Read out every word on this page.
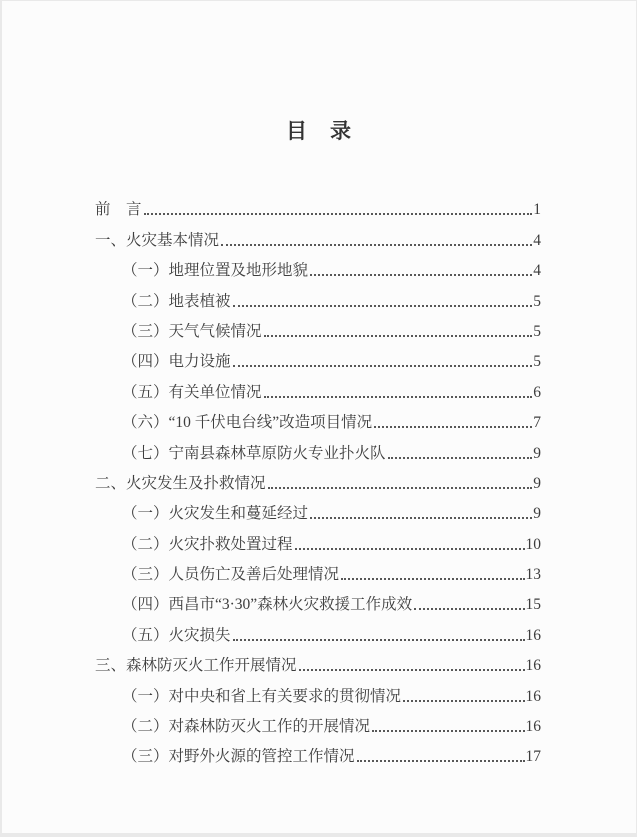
目　录
前　言	1
一、火灾基本情况	4
（一）地理位置及地形地貌	4
（二）地表植被	5
（三）天气气候情况	5
（四）电力设施	5
（五）有关单位情况	6
（六）“10 千伏电台线”改造项目情况	7
（七）宁南县森林草原防火专业扑火队	9
二、火灾发生及扑救情况	9
（一）火灾发生和蔓延经过	9
（二）火灾扑救处置过程	10
（三）人员伤亡及善后处理情况	13
（四）西昌市“3·30”森林火灾救援工作成效	15
（五）火灾损失	16
三、森林防灭火工作开展情况	16
（一）对中央和省上有关要求的贯彻情况	16
（二）对森林防灭火工作的开展情况	16
（三）对野外火源的管控工作情况	17
